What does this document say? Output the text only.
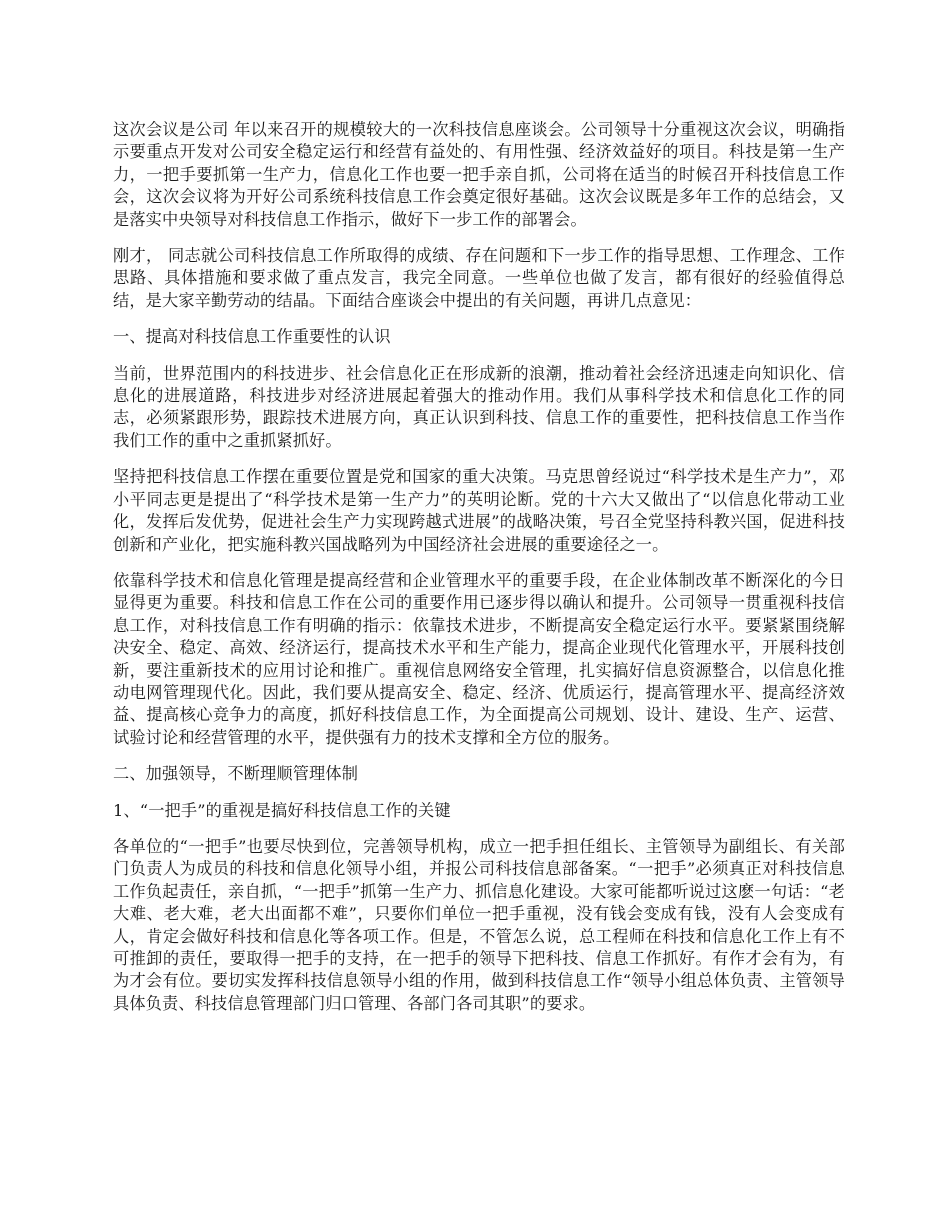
这次会议是公司 年以来召开的规模较大的一次科技信息座谈会。公司领导十分重视这次会议，明确指示要重点开发对公司安全稳定运行和经营有益处的、有用性强、经济效益好的项目。科技是第一生产力，一把手要抓第一生产力，信息化工作也要一把手亲自抓，公司将在适当的时候召开科技信息工作会，这次会议将为开好公司系统科技信息工作会奠定很好基础。这次会议既是多年工作的总结会，又是落实中央领导对科技信息工作指示，做好下一步工作的部署会。

刚才， 同志就公司科技信息工作所取得的成绩、存在问题和下一步工作的指导思想、工作理念、工作思路、具体措施和要求做了重点发言，我完全同意。一些单位也做了发言，都有很好的经验值得总结，是大家辛勤劳动的结晶。下面结合座谈会中提出的有关问题，再讲几点意见：

一、提高对科技信息工作重要性的认识

当前，世界范围内的科技进步、社会信息化正在形成新的浪潮，推动着社会经济迅速走向知识化、信息化的进展道路，科技进步对经济进展起着强大的推动作用。我们从事科学技术和信息化工作的同志，必须紧跟形势，跟踪技术进展方向，真正认识到科技、信息工作的重要性，把科技信息工作当作我们工作的重中之重抓紧抓好。

坚持把科技信息工作摆在重要位置是党和国家的重大决策。马克思曾经说过“科学技术是生产力”，邓小平同志更是提出了“科学技术是第一生产力”的英明论断。党的十六大又做出了“以信息化带动工业化，发挥后发优势，促进社会生产力实现跨越式进展”的战略决策，号召全党坚持科教兴国，促进科技创新和产业化，把实施科教兴国战略列为中国经济社会进展的重要途径之一。

依靠科学技术和信息化管理是提高经营和企业管理水平的重要手段，在企业体制改革不断深化的今日显得更为重要。科技和信息工作在公司的重要作用已逐步得以确认和提升。公司领导一贯重视科技信息工作，对科技信息工作有明确的指示：依靠技术进步，不断提高安全稳定运行水平。要紧紧围绕解决安全、稳定、高效、经济运行，提高技术水平和生产能力，提高企业现代化管理水平，开展科技创新，要注重新技术的应用讨论和推广。重视信息网络安全管理，扎实搞好信息资源整合，以信息化推动电网管理现代化。因此，我们要从提高安全、稳定、经济、优质运行，提高管理水平、提高经济效益、提高核心竞争力的高度，抓好科技信息工作，为全面提高公司规划、设计、建设、生产、运营、试验讨论和经营管理的水平，提供强有力的技术支撑和全方位的服务。

二、加强领导，不断理顺管理体制

1、“一把手”的重视是搞好科技信息工作的关键

各单位的“一把手”也要尽快到位，完善领导机构，成立一把手担任组长、主管领导为副组长、有关部门负责人为成员的科技和信息化领导小组，并报公司科技信息部备案。“一把手”必须真正对科技信息工作负起责任，亲自抓，“一把手”抓第一生产力、抓信息化建设。大家可能都听说过这麽一句话：“老大难、老大难，老大出面都不难”，只要你们单位一把手重视，没有钱会变成有钱，没有人会变成有人，肯定会做好科技和信息化等各项工作。但是，不管怎么说，总工程师在科技和信息化工作上有不可推卸的责任，要取得一把手的支持，在一把手的领导下把科技、信息工作抓好。有作才会有为，有为才会有位。要切实发挥科技信息领导小组的作用，做到科技信息工作“领导小组总体负责、主管领导具体负责、科技信息管理部门归口管理、各部门各司其职”的要求。
